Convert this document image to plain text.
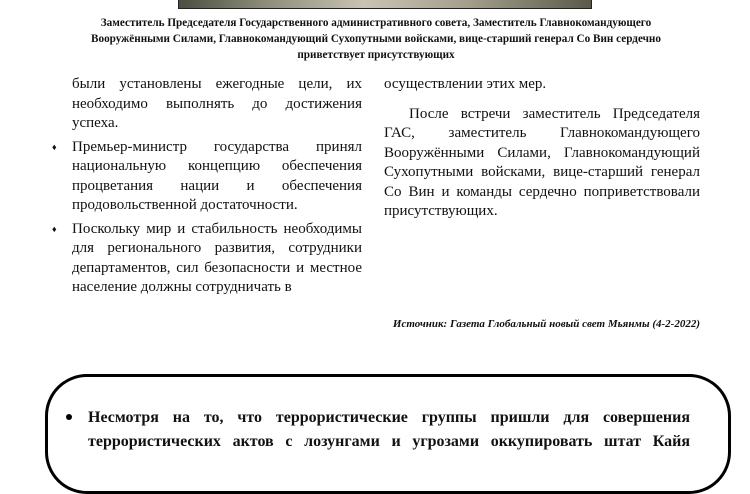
Заместитель Председателя Государственного административного совета, Заместитель Главнокомандующего Вооружёнными Силами, Главнокомандующий Сухопутными войсками, вице-старший генерал Со Вин сердечно приветствует присутствующих

были установлены ежегодные цели, их необходимо выполнять до достижения успеха.

♦ Премьер-министр государства принял национальную концепцию обеспечения процветания нации и обеспечения продовольственной достаточности.

♦ Поскольку мир и стабильность необходимы для регионального развития, сотрудники департаментов, сил безопасности и местное население должны сотрудничать в

осуществлении этих мер.

После встречи заместитель Председателя ГАС, заместитель Главнокомандующего Вооружёнными Силами, Главнокомандующий Сухопутными войсками, вице-старший генерал Со Вин и команды сердечно поприветствовали присутствующих.

Источник: Газета Глобальный новый свет Мьянмы (4-2-2022)
Несмотря на то, что террористические группы пришли для совершения террористических актов с лозунгами и угрозами оккупировать штат Кайя
